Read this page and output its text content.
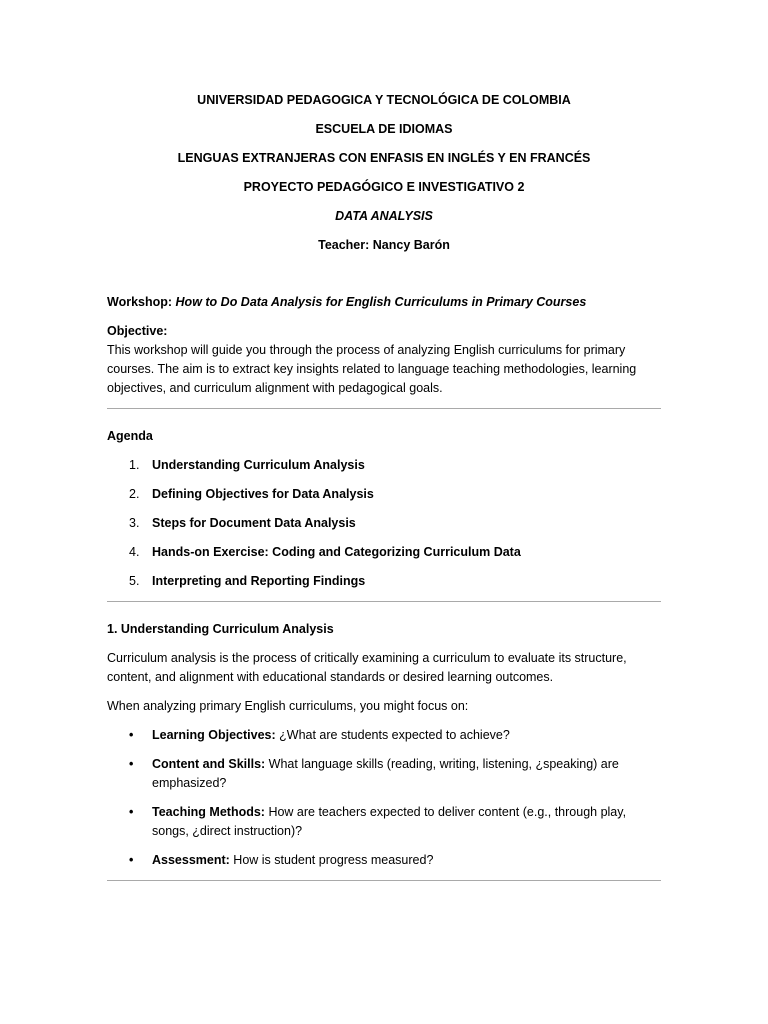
UNIVERSIDAD PEDAGOGICA Y TECNOLÓGICA DE COLOMBIA
ESCUELA DE IDIOMAS
LENGUAS EXTRANJERAS CON ENFASIS EN INGLÉS Y EN FRANCÉS
PROYECTO PEDAGÓGICO E INVESTIGATIVO 2
DATA ANALYSIS
Teacher: Nancy Barón
Workshop: How to Do Data Analysis for English Curriculums in Primary Courses
Objective:
This workshop will guide you through the process of analyzing English curriculums for primary courses. The aim is to extract key insights related to language teaching methodologies, learning objectives, and curriculum alignment with pedagogical goals.
Agenda
1. Understanding Curriculum Analysis
2. Defining Objectives for Data Analysis
3. Steps for Document Data Analysis
4. Hands-on Exercise: Coding and Categorizing Curriculum Data
5. Interpreting and Reporting Findings
1. Understanding Curriculum Analysis
Curriculum analysis is the process of critically examining a curriculum to evaluate its structure, content, and alignment with educational standards or desired learning outcomes.
When analyzing primary English curriculums, you might focus on:
• Learning Objectives: ¿What are students expected to achieve?
• Content and Skills: What language skills (reading, writing, listening, ¿speaking) are emphasized?
• Teaching Methods: How are teachers expected to deliver content (e.g., through play, songs, ¿direct instruction)?
• Assessment: How is student progress measured?
